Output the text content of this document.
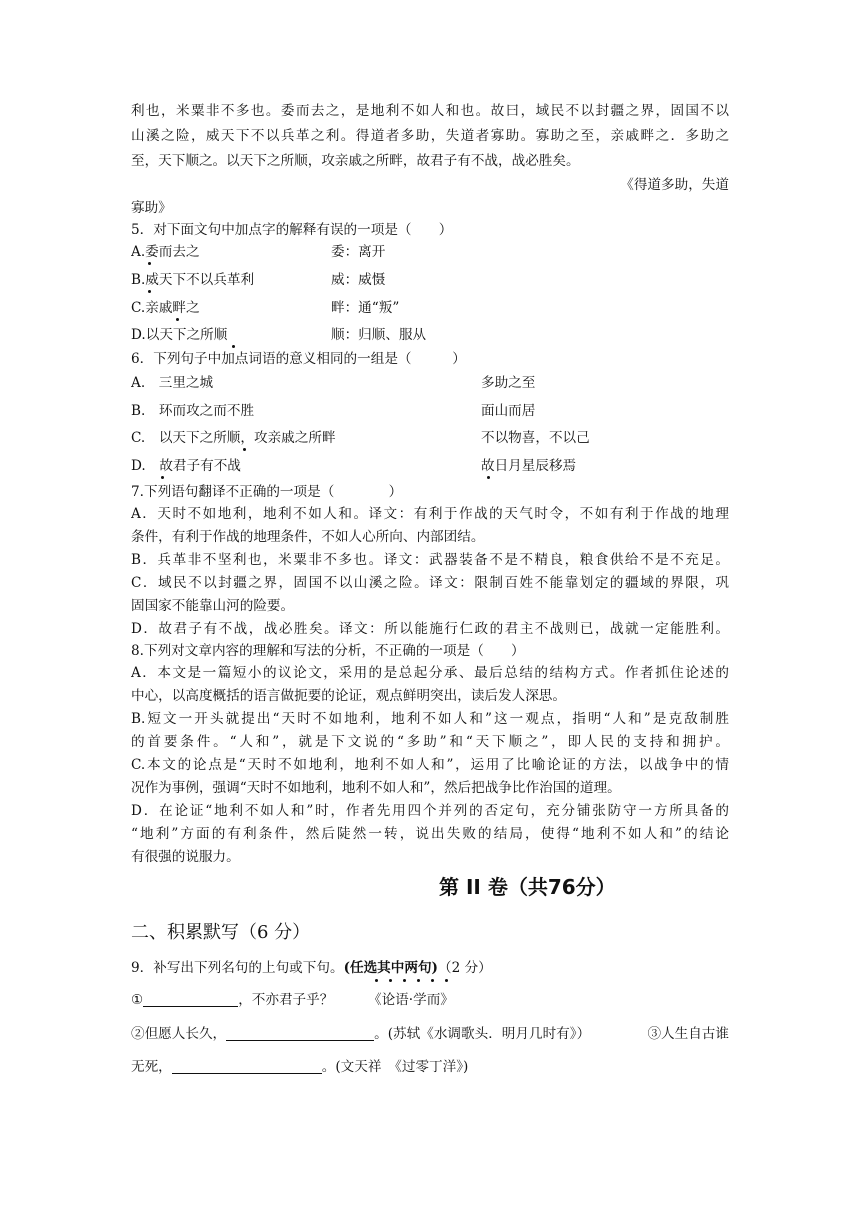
利也，米粟非不多也。委而去之，是地利不如人和也。故曰，域民不以封疆之界，固国不以
山溪之险，威天下不以兵革之利。得道者多助，失道者寡助。寡助之至，亲戚畔之．多助之
至，天下顺之。以天下之所顺，攻亲戚之所畔，故君子有不战，战必胜矣。
《得道多助，失道
寡助》
5．对下面文句中加点字的解释有误的一项是（　　）
A.委而去之	委：离开
B.威天下不以兵革利	威：威慑
C.亲戚畔之	畔：通“叛”
D.以天下之所顺	顺：归顺、服从
6．下列句子中加点词语的意义相同的一组是（　　　）
A.　三里之城	多助之至
B.　环而攻之而不胜	面山而居
C.　以天下之所顺，攻亲戚之所畔	不以物喜，不以己
D.　故君子有不战	故日月星辰移焉
7.下列语句翻译不正确的一项是（　　　　）
A．天时不如地利，地利不如人和。译文：有利于作战的天气时令，不如有利于作战的地理
条件，有利于作战的地理条件，不如人心所向、内部团结。
B．兵革非不坚利也，米粟非不多也。译文：武器装备不是不精良，粮食供给不是不充足。
C．域民不以封疆之界，固国不以山溪之险。译文：限制百姓不能靠划定的疆域的界限，巩
固国家不能靠山河的险要。
D．故君子有不战，战必胜矣。译文：所以能施行仁政的君主不战则已，战就一定能胜利。
8.下列对文章内容的理解和写法的分析，不正确的一项是（　　）
A．本文是一篇短小的议论文，采用的是总起分承、最后总结的结构方式。作者抓住论述的
中心，以高度概括的语言做扼要的论证，观点鲜明突出，读后发人深思。
B.短文一开头就提出“天时不如地利，地利不如人和”这一观点，指明“人和”是克敌制胜
的首要条件。“人和”，就是下文说的“多助”和“天下顺之”，即人民的支持和拥护。
C.本文的论点是“天时不如地利，地利不如人和”，运用了比喻论证的方法，以战争中的情
况作为事例，强调“天时不如地利，地利不如人和”，然后把战争比作治国的道理。
D．在论证“地利不如人和”时，作者先用四个并列的否定句，充分铺张防守一方所具备的
“地利”方面的有利条件，然后陡然一转，说出失败的结局，使得“地利不如人和”的结论
有很强的说服力。
第 II 卷（共76分）
二、积累默写（6 分）
9．补写出下列名句的上句或下句。(任选其中两句)（2 分）
①	，不亦君子乎？	《论语·学而》
②但愿人长久，	。(苏轼《水调歌头．明月几时有》）	③人生自古谁
无死，	。(文天祥　《过零丁洋》)
